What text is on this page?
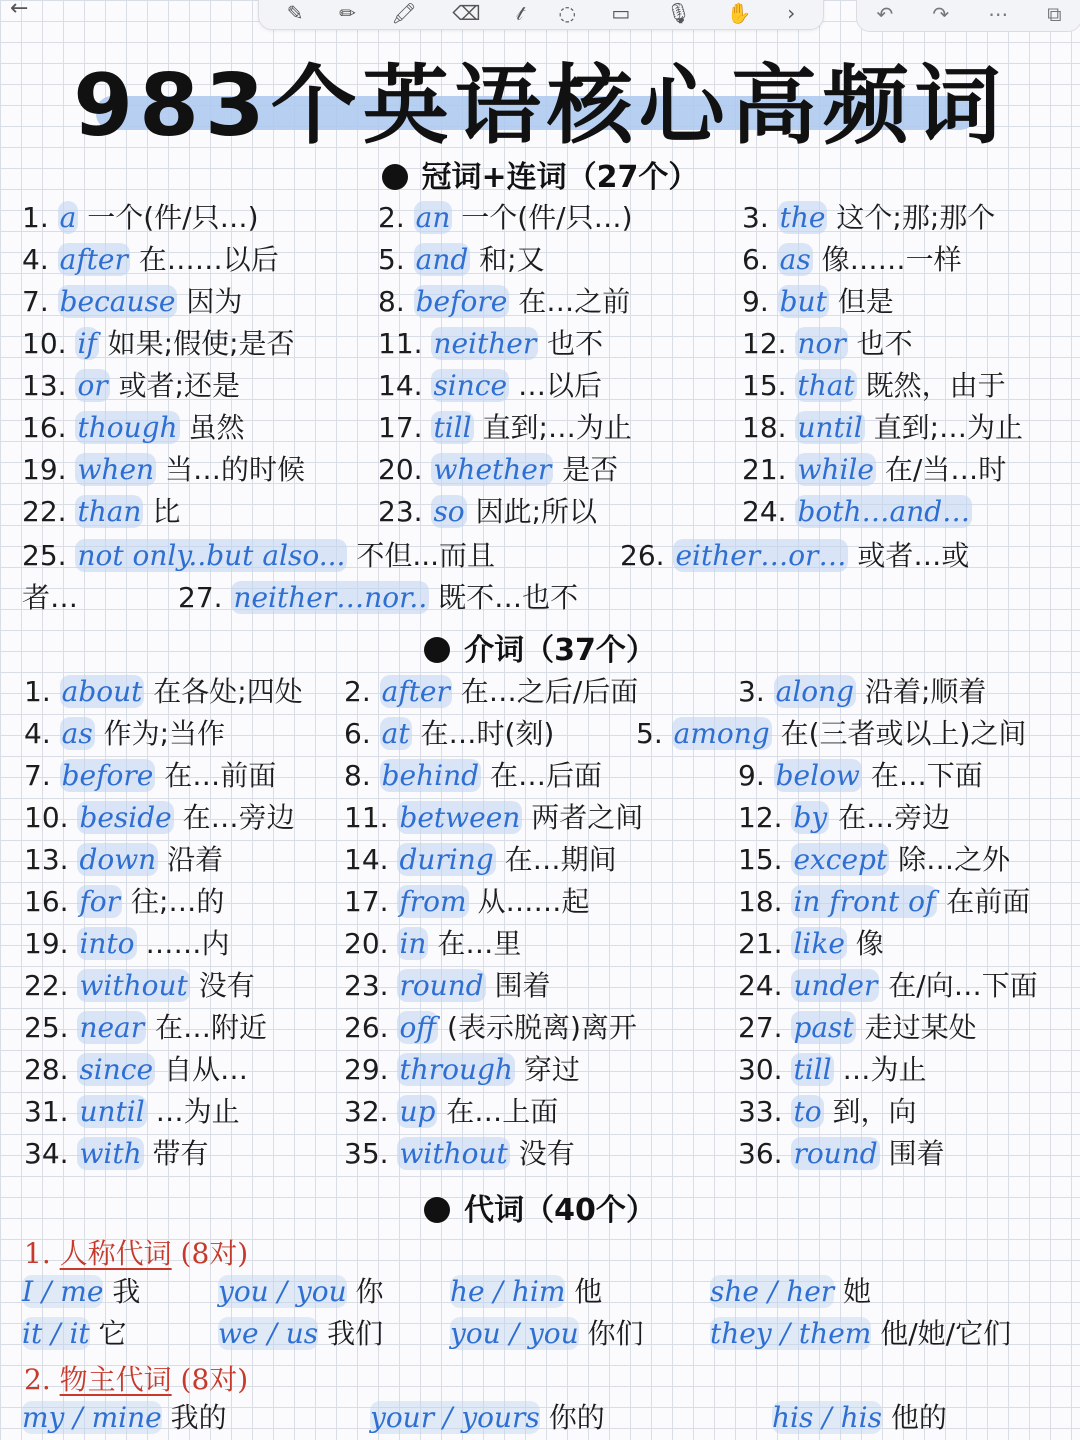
←	✎ ✏ 🖍 ⌫ 𝓉 ◌ ▭ 🎙 ✋ ›	↶ ↷ ⋯ ⧉
983个英语核心高频词
冠词+连词（27个）
1. a 一个(件/只…)	2. an 一个(件/只…)	3. the 这个;那;那个
4. after 在……以后	5. and 和;又	6. as 像……一样
7. because 因为	8. before 在…之前	9. but 但是
10. if 如果;假使;是否	11. neither 也不	12. nor 也不
13. or 或者;还是	14. since …以后	15. that 既然，由于
16. though 虽然	17. till 直到;…为止	18. until 直到;…为止
19. when 当…的时候	20. whether 是否	21. while 在/当…时
22. than 比	23. so 因此;所以	24. both…and…
25. not only..but also... 不但...而且	26. either…or… 或者…或
者…	27. neither…nor.. 既不…也不
介词（37个）
1. about 在各处;四处 2. after 在…之后/后面	3. along 沿着;顺着
4. as 作为;当作	6. at 在…时(刻)	5. among 在(三者或以上)之间
7. before 在…前面 8. behind 在…后面	9. below 在…下面
10. beside 在…旁边 11. between 两者之间	12. by 在…旁边
13. down 沿着	14. during 在…期间	15. except 除…之外
16. for 往;…的	17. from 从……起	18. in front of 在前面
19. into ……内	20. in 在…里	21. like 像
22. without 没有	23. round 围着	24. under 在/向…下面
25. near 在…附近	26. off (表示脱离)离开	27. past 走过某处
28. since 自从…	29. through 穿过	30. till …为止
31. until …为止	32. up 在…上面	33. to 到，向
34. with 带有	35. without 没有	36. round 围着
代词（40个）
1. 人称代词 (8对)
I / me 我	you / you 你 he / him 他	she / her 她
it / it 它	we / us 我们 you / you 你们 they / them 他/她/它们
2. 物主代词 (8对)
my / mine 我的	your / yours 你的	his / his 他的
